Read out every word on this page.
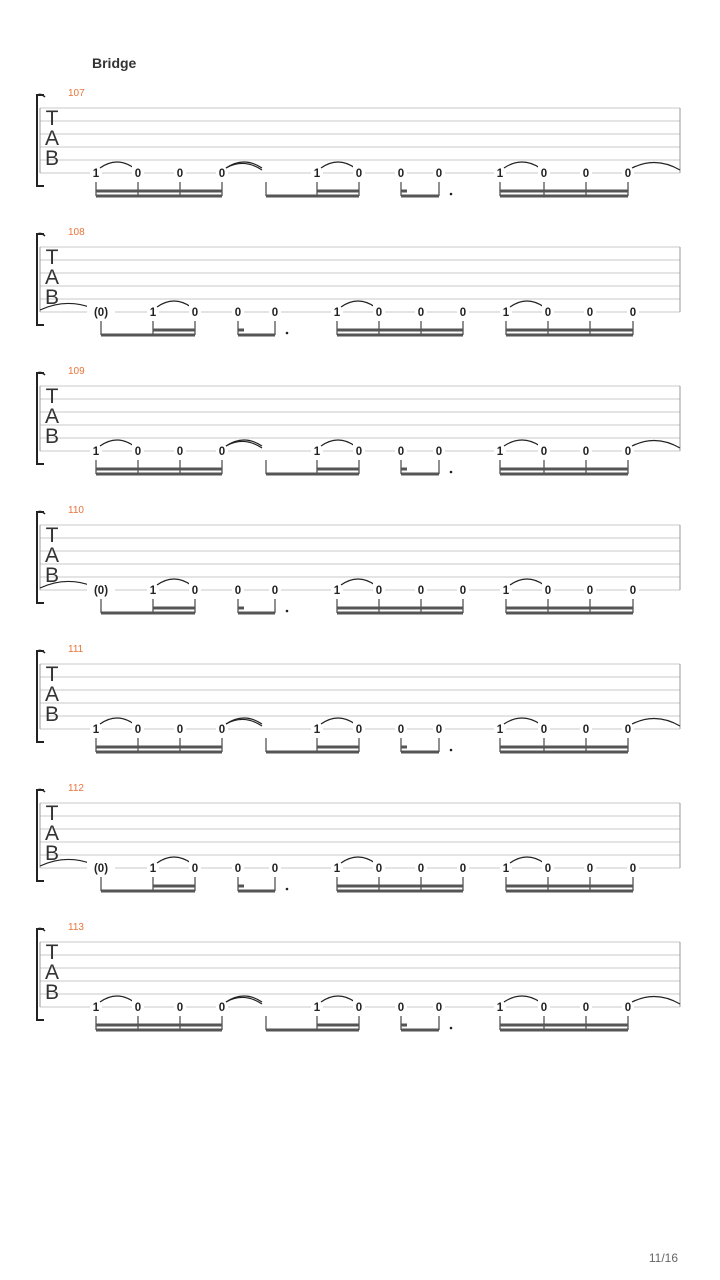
Bridge
107
T
A
B
1	0	0	0	1	0	0	0	1	0	0	0
108
T
A
B
(0)	1	0	0	0	1	0	0	0	1	0	0	0
109
T
A
B
1	0	0	0	1	0	0	0	1	0	0	0
110
T
A
B
(0)	1	0	0	0	1	0	0	0	1	0	0	0
111
T
A
B
1	0	0	0	1	0	0	0	1	0	0	0
112
T
A
B
(0)	1	0	0	0	1	0	0	0	1	0	0	0
113
T
A
B
1	0	0	0	1	0	0	0	1	0	0	0
11/16
